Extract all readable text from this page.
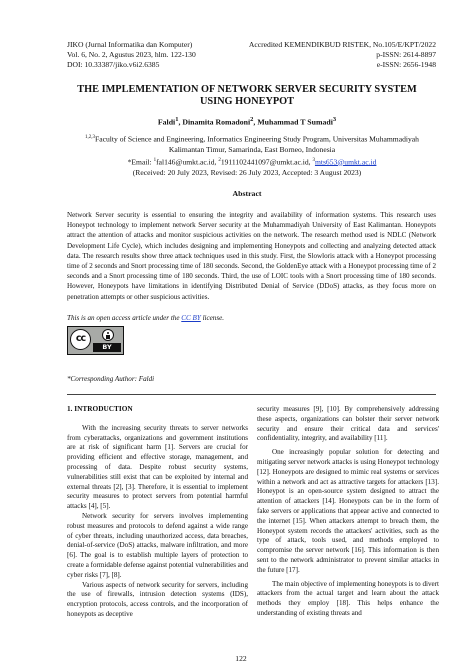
JIKO (Jurnal Informatika dan Komputer)	Accredited KEMENDIKBUD RISTEK, No.105/E/KPT/2022
Vol. 6, No. 2, Agustus 2023, hlm. 122-130	p-ISSN: 2614-8897
DOI: 10.33387/jiko.v6i2.6385	e-ISSN: 2656-1948
THE IMPLEMENTATION OF NETWORK SERVER SECURITY SYSTEM USING HONEYPOT
Faldi$^1$, Dinamita Romadoni$^2$, Muhammad T Sumadi$^3$
$^{1,2,3}$Faculty of Science and Engineering, Informatics Engineering Study Program, Universitas Muhammadiyah
Kalimantan Timur, Samarinda, East Borneo, Indonesia
*Email: $^1$fal146@umkt.ac.id, $^2$1911102441097@umkt.ac.id, $^3$mts653@umkt.ac.id
(Received: 20 July 2023, Revised: 26 July 2023, Accepted: 3 August 2023)
Abstract
Network Server security is essential to ensuring the integrity and availability of information systems. This research uses Honeypot technology to implement network Server security at the Muhammadiyah University of East Kalimantan. Honeypots attract the attention of attacks and monitor suspicious activities on the network. The research method used is NDLC (Network Development Life Cycle), which includes designing and implementing Honeypots and collecting and analyzing detected attack data. The research results show three attack techniques used in this study. First, the Slowloris attack with a Honeypot processing time of 2 seconds and Snort processing time of 180 seconds. Second, the GoldenEye attack with a Honeypot processing time of 2 seconds and a Snort processing time of 180 seconds. Third, the use of LOIC tools with a Snort processing time of 180 seconds. However, Honeypots have limitations in identifying Distributed Denial of Service (DDoS) attacks, as they focus more on penetration attempts or other suspicious activities.
This is an open access article under the CC BY license.
cc
BY
*Corresponding Author: Faldi

1. INTRODUCTION

With the increasing security threats to server networks from cyberattacks, organizations and government institutions are at risk of significant harm [1]. Servers are crucial for providing efficient and effective storage, management, and processing of data. Despite robust security systems, vulnerabilities still exist that can be exploited by internal and external threats [2], [3]. Therefore, it is essential to implement security measures to protect servers from potential harmful attacks [4], [5].

Network security for servers involves implementing robust measures and protocols to defend against a wide range of cyber threats, including unauthorized access, data breaches, denial-of-service (DoS) attacks, malware infiltration, and more [6]. The goal is to establish multiple layers of protection to create a formidable defense against potential vulnerabilities and cyber risks [7], [8].

Various aspects of network security for servers, including the use of firewalls, intrusion detection systems (IDS), encryption protocols, access controls, and the incorporation of honeypots as deceptive

security measures [9], [10]. By comprehensively addressing these aspects, organizations can bolster their server network security and ensure their critical data and services' confidentiality, integrity, and availability [11].

One increasingly popular solution for detecting and mitigating server network attacks is using Honeypot technology [12]. Honeypots are designed to mimic real systems or services within a network and act as attractive targets for attackers [13]. Honeypot is an open-source system designed to attract the attention of attackers [14]. Honeypots can be in the form of fake servers or applications that appear active and connected to the internet [15]. When attackers attempt to breach them, the Honeypot system records the attackers' activities, such as the type of attack, tools used, and methods employed to compromise the server network [16]. This information is then sent to the network administrator to prevent similar attacks in the future [17].

The main objective of implementing honeypots is to divert attackers from the actual target and learn about the attack methods they employ [18]. This helps enhance the understanding of existing threats and

122
